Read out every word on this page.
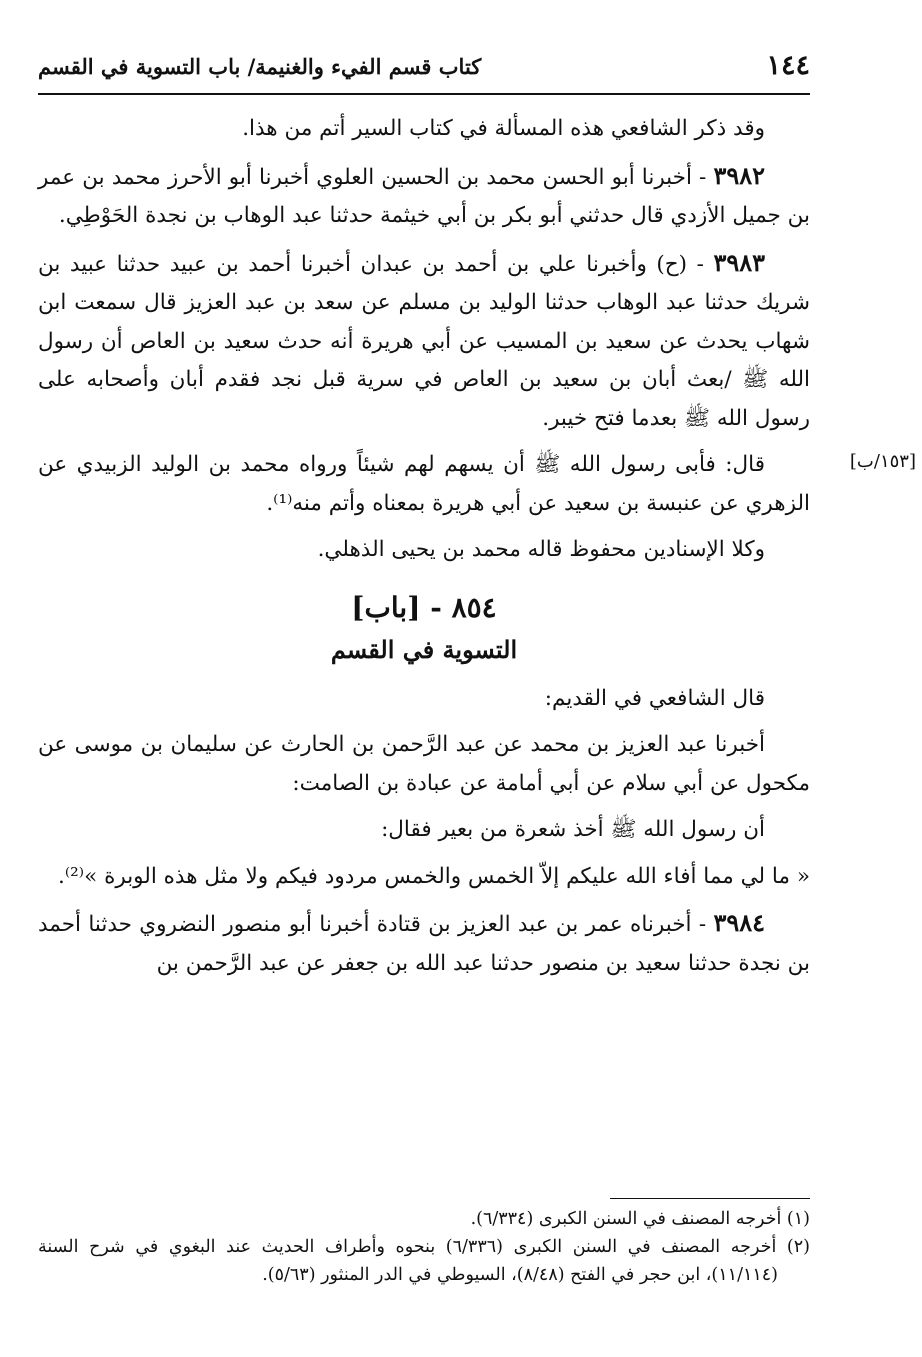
١٤٤
كتاب قسم الفيء والغنيمة/ باب التسوية في القسم
[١٥٣/ب]

وقد ذكر الشافعي هذه المسألة في كتاب السير أتم من هذا.

٣٩٨٢ - أخبرنا أبو الحسن محمد بن الحسين العلوي أخبرنا أبو الأحرز محمد بن عمر بن جميل الأزدي قال حدثني أبو بكر بن أبي خيثمة حدثنا عبد الوهاب بن نجدة الحَوْطِي.

٣٩٨٣ - (ح) وأخبرنا علي بن أحمد بن عبدان أخبرنا أحمد بن عبيد حدثنا عبيد بن شريك حدثنا عبد الوهاب حدثنا الوليد بن مسلم عن سعد بن عبد العزيز قال سمعت ابن شهاب يحدث عن سعيد بن المسيب عن أبي هريرة أنه حدث سعيد بن العاص أن رسول الله ﷺ /بعث أبان بن سعيد بن العاص في سرية قبل نجد فقدم أبان وأصحابه على رسول الله ﷺ بعدما فتح خيبر.

قال: فأبى رسول الله ﷺ أن يسهم لهم شيئاً ورواه محمد بن الوليد الزبيدي عن الزهري عن عنبسة بن سعيد عن أبي هريرة بمعناه وأتم منه⁽¹⁾.

وكلا الإسنادين محفوظ قاله محمد بن يحيى الذهلي.

٨٥٤ - [باب]
التسوية في القسم

قال الشافعي في القديم:

أخبرنا عبد العزيز بن محمد عن عبد الرَّحمن بن الحارث عن سليمان بن موسى عن مكحول عن أبي سلام عن أبي أمامة عن عبادة بن الصامت:

أن رسول الله ﷺ أخذ شعرة من بعير فقال:

« ما لي مما أفاء الله عليكم إلاّ الخمس والخمس مردود فيكم ولا مثل هذه الوبرة »⁽²⁾.

٣٩٨٤ - أخبرناه عمر بن عبد العزيز بن قتادة أخبرنا أبو منصور النضروي حدثنا أحمد بن نجدة حدثنا سعيد بن منصور حدثنا عبد الله بن جعفر عن عبد الرَّحمن بن

(١) أخرجه المصنف في السنن الكبرى (٦/٣٣٤).

(٢) أخرجه المصنف في السنن الكبرى (٦/٣٣٦) بنحوه وأطراف الحديث عند البغوي في شرح السنة (١١/١١٤)، ابن حجر في الفتح (٨/٤٨)، السيوطي في الدر المنثور (٥/٦٣).
